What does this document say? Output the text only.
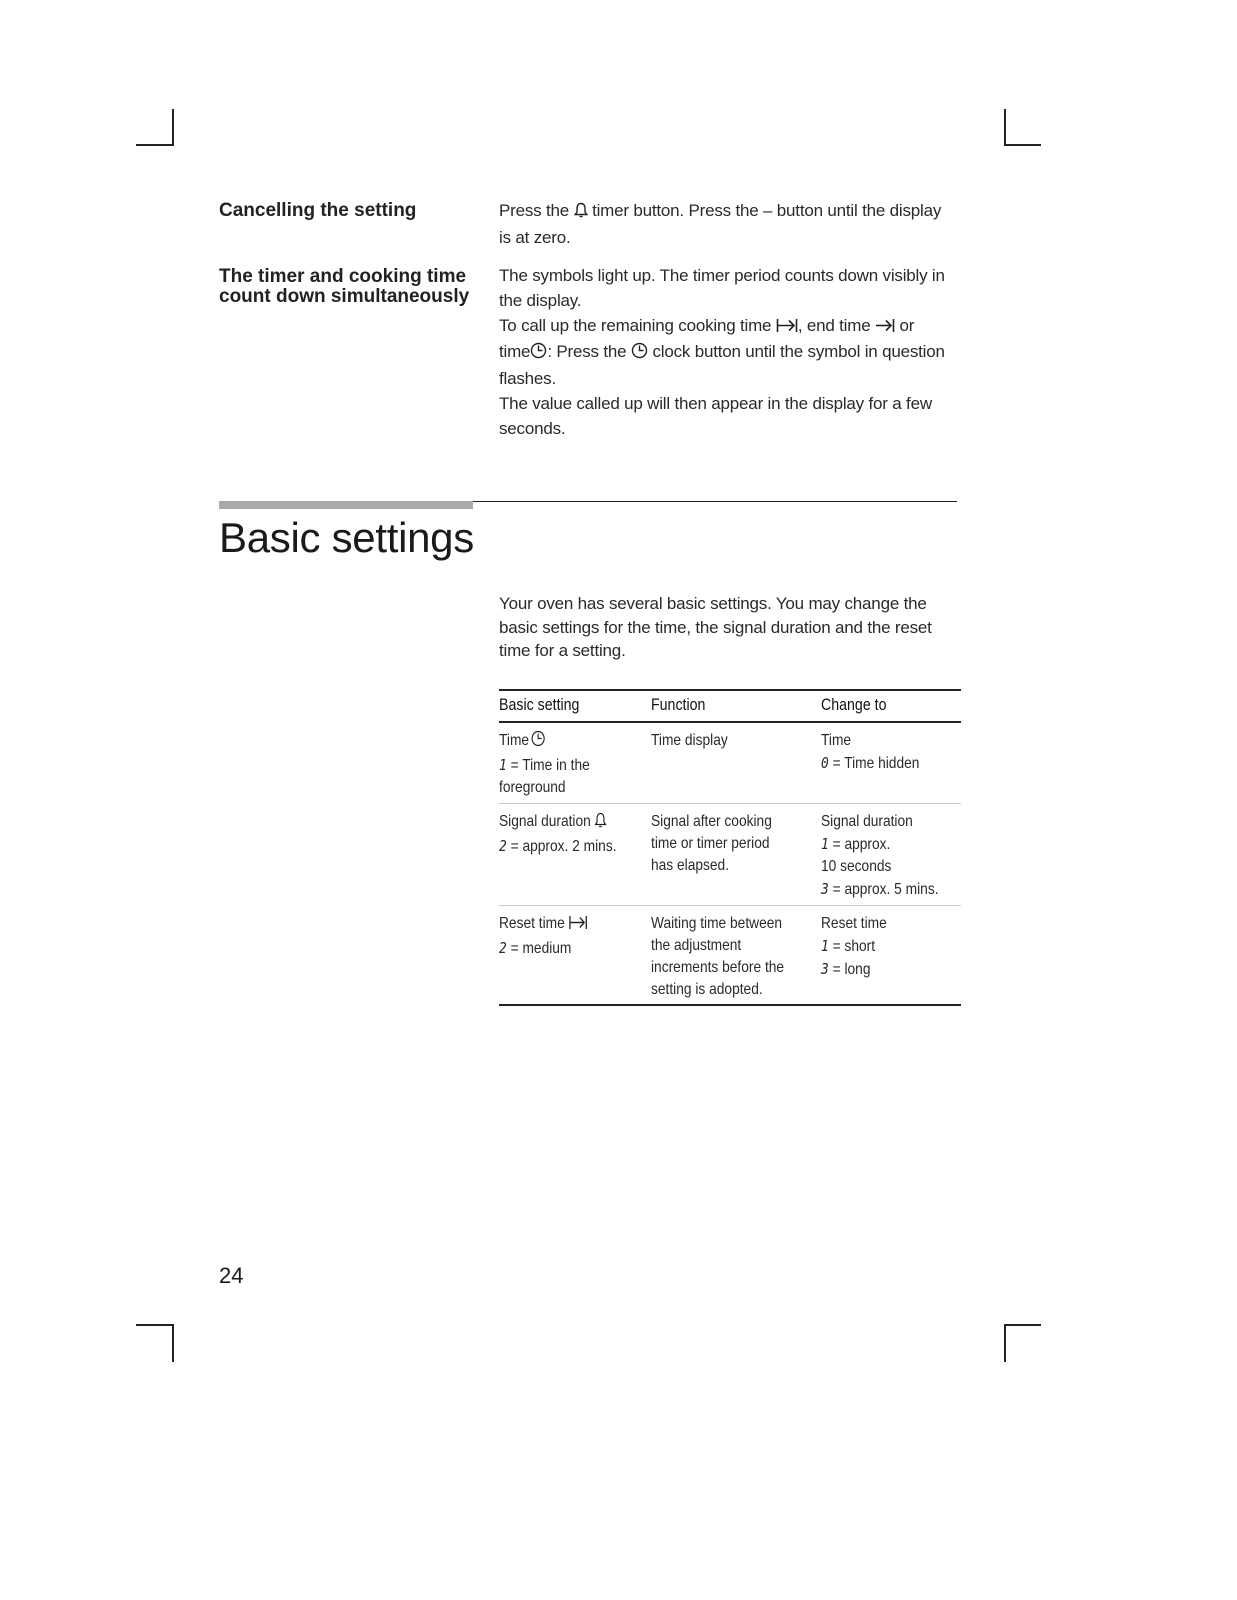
Cancelling the setting	Press the  timer button. Press the – button until the display

is at zero.

The timer and cooking time
count down simultaneously

The symbols light up. The timer period counts down visibly in

the display.

To call up the remaining cooking time , end time  or

time : Press the  clock button until the symbol in question

flashes.

The value called up will then appear in the display for a few

seconds.

Basic settings

Your oven has several basic settings. You may change the

basic settings for the time, the signal duration and the reset

time for a setting.

Basic setting	Function	Change to

Time
1 = Time in the
foreground	Time display	Time
0 = Time hidden

Signal duration
2 = approx. 2 mins.	Signal after cooking
time or timer period
has elapsed.	Signal duration
1 = approx.
10 seconds
3 = approx. 5 mins.

Reset time
2 = medium	Waiting time between
the adjustment
increments before the
setting is adopted.	Reset time
1 = short
3 = long
24
